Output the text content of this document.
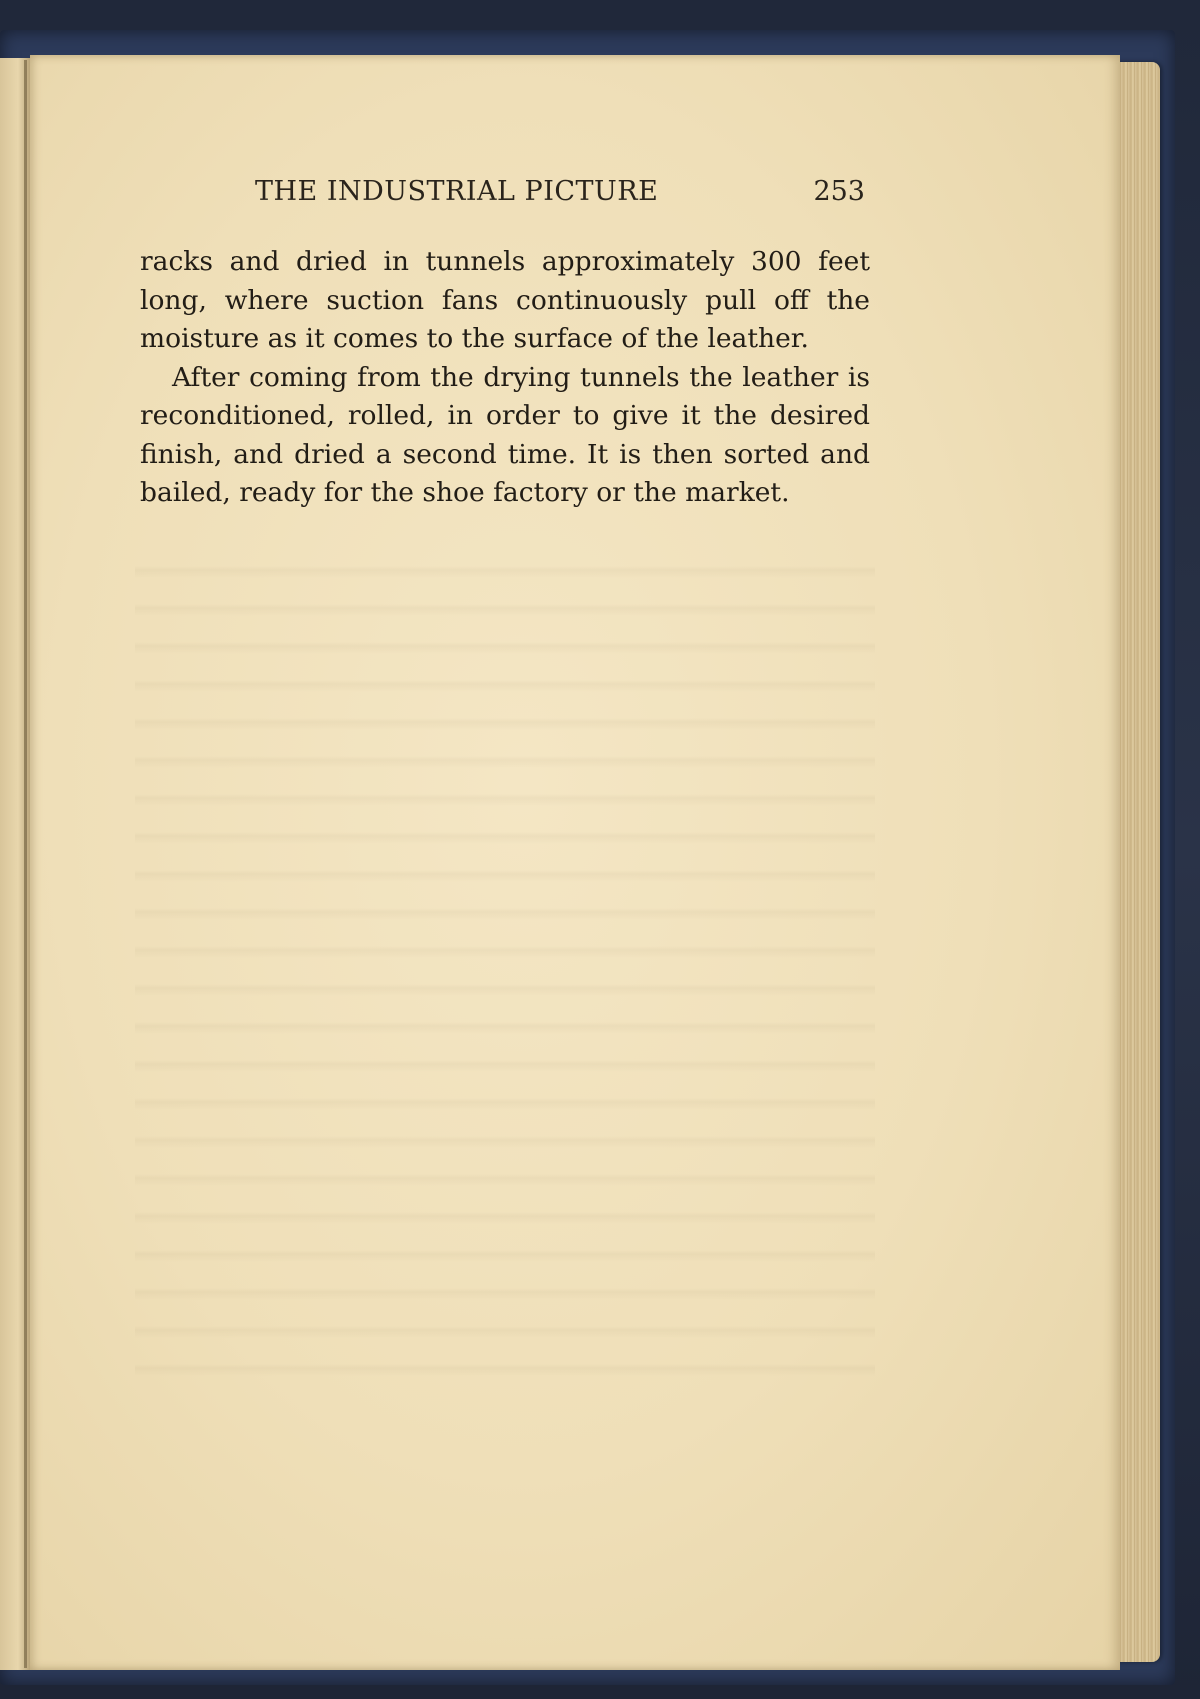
THE INDUSTRIAL PICTURE	253

racks and dried in tunnels approximately 300 feet long, where suction fans continuously pull off the moisture as it comes to the surface of the leather.

After coming from the drying tunnels the leather is reconditioned, rolled, in order to give it the desired finish, and dried a second time. It is then sorted and bailed, ready for the shoe factory or the market.
